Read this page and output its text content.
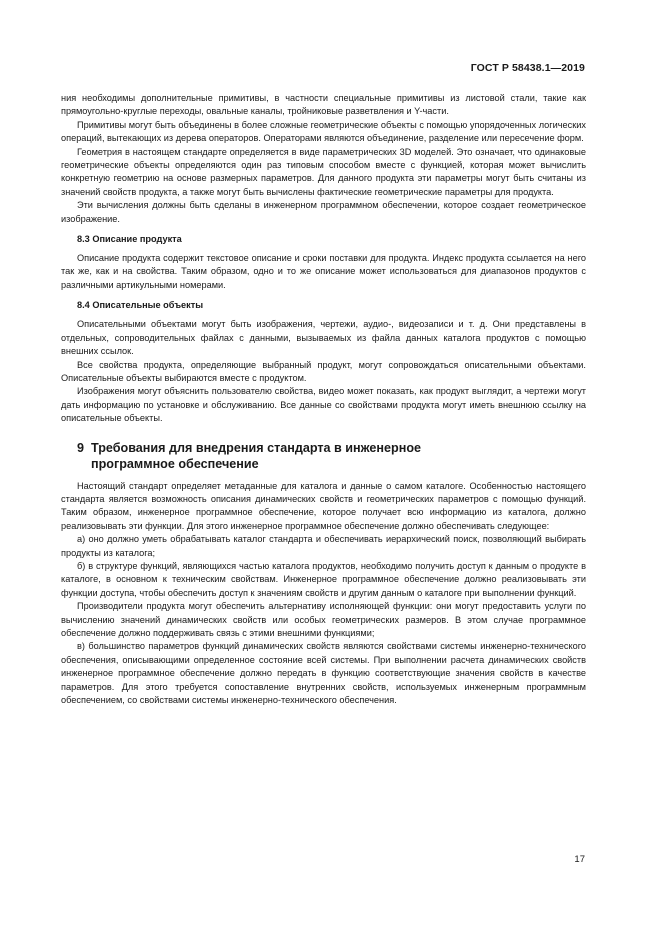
ГОСТ Р 58438.1—2019

ния необходимы дополнительные примитивы, в частности специальные примитивы из листовой стали, такие как прямоугольно-круглые переходы, овальные каналы, тройниковые разветвления и Y-части.

Примитивы могут быть объединены в более сложные геометрические объекты с помощью упорядоченных логических операций, вытекающих из дерева операторов. Операторами являются объединение, разделение или пересечение форм.

Геометрия в настоящем стандарте определяется в виде параметрических 3D моделей. Это означает, что одинаковые геометрические объекты определяются один раз типовым способом вместе с функцией, которая может вычислить конкретную геометрию на основе размерных параметров. Для данного продукта эти параметры могут быть считаны из значений свойств продукта, а также могут быть вычислены фактические геометрические параметры для продукта.

Эти вычисления должны быть сделаны в инженерном программном обеспечении, которое создает геометрическое изображение.

8.3 Описание продукта

Описание продукта содержит текстовое описание и сроки поставки для продукта. Индекс продукта ссылается на него так же, как и на свойства. Таким образом, одно и то же описание может использоваться для диапазонов продуктов с различными артикульными номерами.

8.4 Описательные объекты

Описательными объектами могут быть изображения, чертежи, аудио-, видеозаписи и т. д. Они представлены в отдельных, сопроводительных файлах с данными, вызываемых из файла данных каталога продуктов с помощью внешних ссылок.

Все свойства продукта, определяющие выбранный продукт, могут сопровождаться описательными объектами. Описательные объекты выбираются вместе с продуктом.

Изображения могут объяснить пользователю свойства, видео может показать, как продукт выглядит, а чертежи могут дать информацию по установке и обслуживанию. Все данные со свойствами продукта могут иметь внешнюю ссылку на описательные объекты.

9 Требования для внедрения стандарта в инженерное
программное обеспечение

Настоящий стандарт определяет метаданные для каталога и данные о самом каталоге. Особенностью настоящего стандарта является возможность описания динамических свойств и геометрических параметров с помощью функций. Таким образом, инженерное программное обеспечение, которое получает всю информацию из каталога, должно реализовывать эти функции. Для этого инженерное программное обеспечение должно обеспечивать следующее:

а) оно должно уметь обрабатывать каталог стандарта и обеспечивать иерархический поиск, позволяющий выбирать продукты из каталога;

б) в структуре функций, являющихся частью каталога продуктов, необходимо получить доступ к данным о продукте в каталоге, в основном к техническим свойствам. Инженерное программное обеспечение должно реализовывать эти функции доступа, чтобы обеспечить доступ к значениям свойств и другим данным о каталоге при выполнении функций.

Производители продукта могут обеспечить альтернативу исполняющей функции: они могут предоставить услуги по вычислению значений динамических свойств или особых геометрических размеров. В этом случае программное обеспечение должно поддерживать связь с этими внешними функциями;

в) большинство параметров функций динамических свойств являются свойствами системы инженерно-технического обеспечения, описывающими определенное состояние всей системы. При выполнении расчета динамических свойств инженерное программное обеспечение должно передать в функцию соответствующие значения свойств в качестве параметров. Для этого требуется сопоставление внутренних свойств, используемых инженерным программным обеспечением, со свойствами системы инженерно-технического обеспечения.

17
